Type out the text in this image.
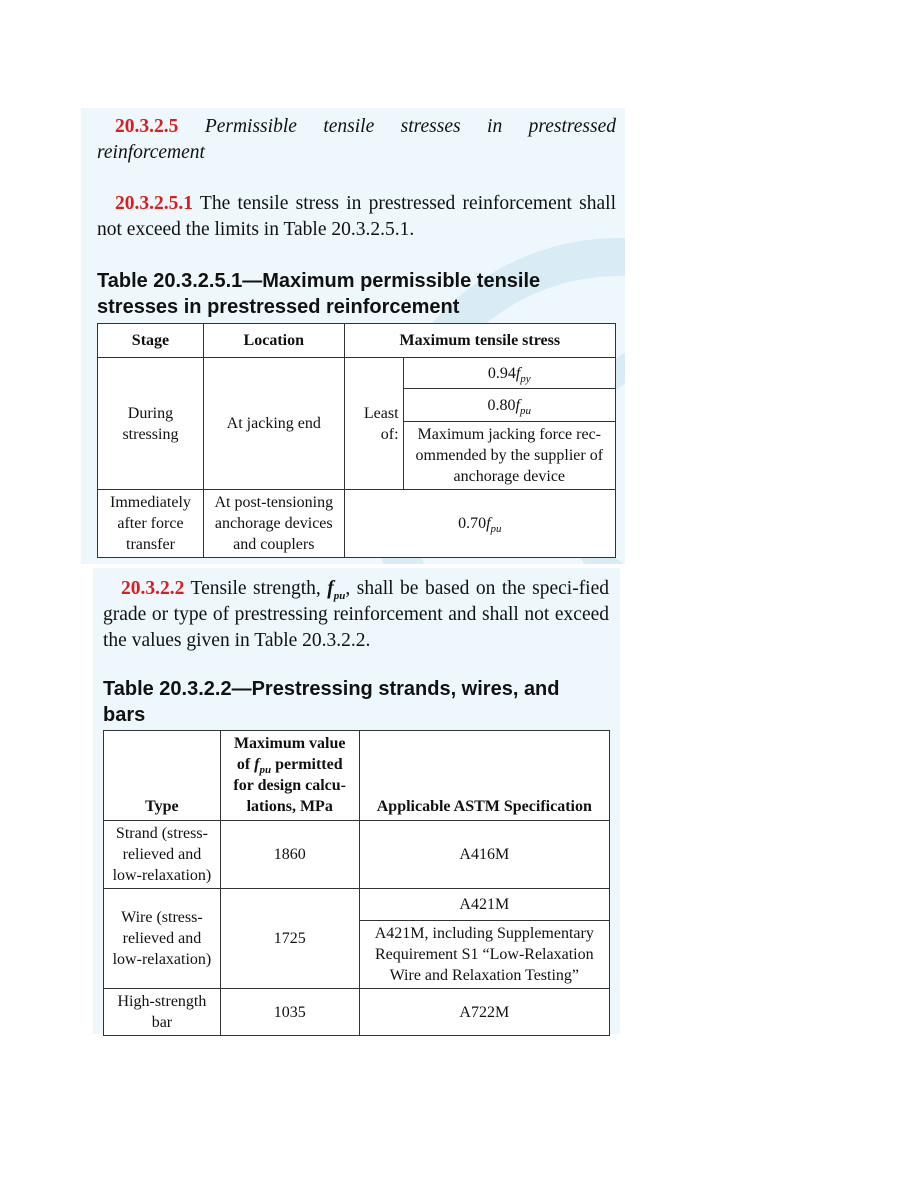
20.3.2.5 Permissible tensile stresses in prestressed reinforcement
20.3.2.5.1 The tensile stress in prestressed reinforcement shall not exceed the limits in Table 20.3.2.5.1.
Table 20.3.2.5.1—Maximum permissible tensile stresses in prestressed reinforcement
Stage	Location	Maximum tensile stress	
During stressing	At jacking end	Least of:	$0.94f_{py}$
			$0.80f_{pu}$
			Maximum jacking force rec-ommended by the supplier of anchorage device
Immediately after force transfer	At post-tensioning anchorage devices and couplers	$0.70f_{pu}$
20.3.2.2 Tensile strength, $f_{pu}$, shall be based on the speci-fied grade or type of prestressing reinforcement and shall not exceed the values given in Table 20.3.2.2.
Table 20.3.2.2—Prestressing strands, wires, and bars
Type	Maximum value of $f_{pu}$ permitted for design calcu-lations, MPa	Applicable ASTM Specification
Strand (stress-relieved and low-relaxation)	1860	A416M
Wire (stress-relieved and low-relaxation)	1725	A421M
		A421M, including Supplementary Requirement S1 “Low-Relaxation Wire and Relaxation Testing”
High-strength bar	1035	A722M
